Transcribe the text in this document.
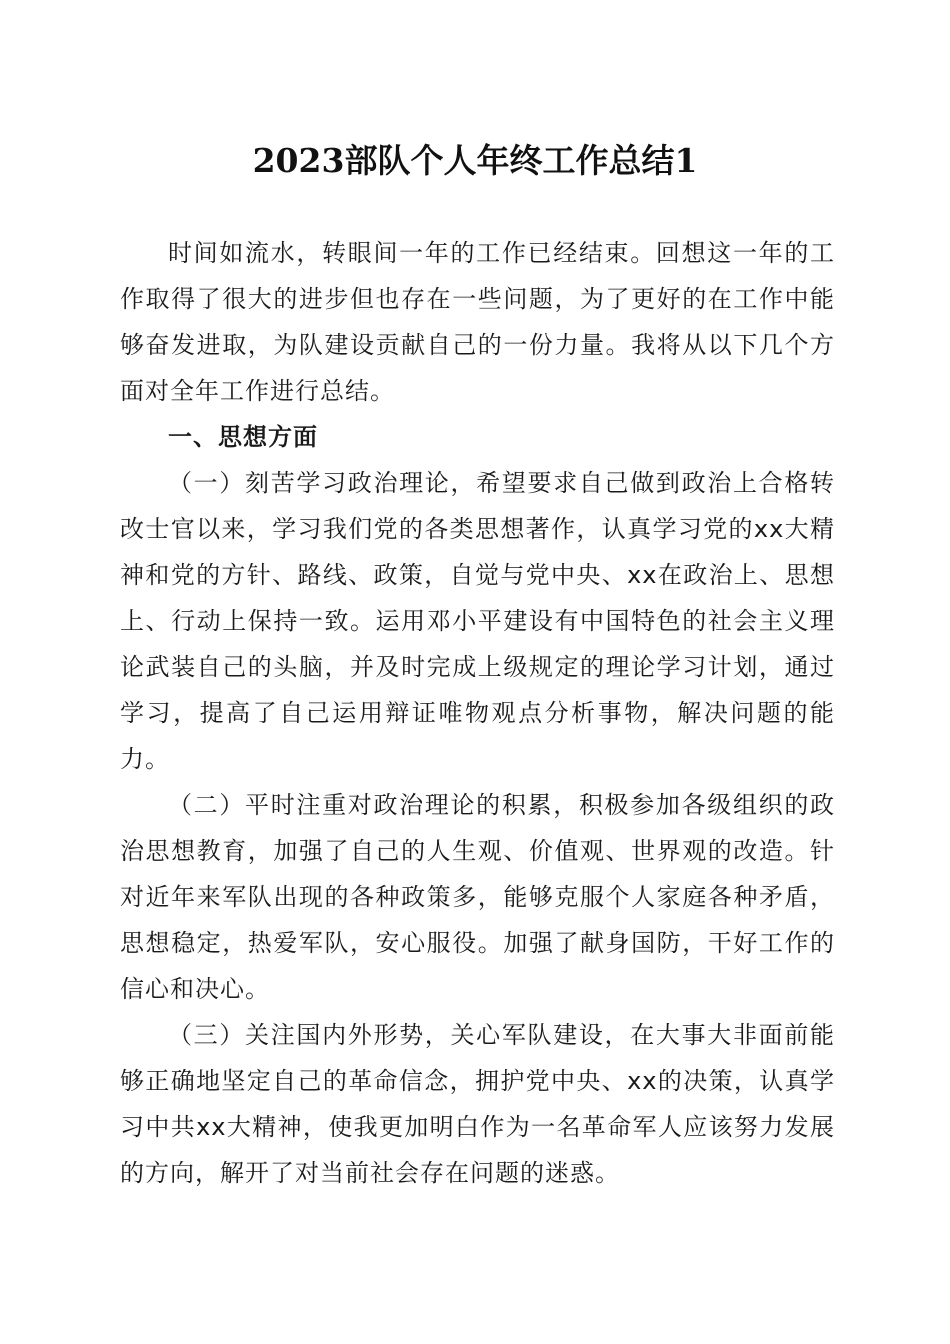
2023部队个人年终工作总结1

时间如流水，转眼间一年的工作已经结束。回想这一年的工作取得了很大的进步但也存在一些问题，为了更好的在工作中能够奋发进取，为队建设贡献自己的一份力量。我将从以下几个方面对全年工作进行总结。

一、思想方面

（一）刻苦学习政治理论，希望要求自己做到政治上合格转改士官以来，学习我们党的各类思想著作，认真学习党的xx大精神和党的方针、路线、政策，自觉与党中央、xx在政治上、思想上、行动上保持一致。运用邓小平建设有中国特色的社会主义理论武装自己的头脑，并及时完成上级规定的理论学习计划，通过学习，提高了自己运用辩证唯物观点分析事物，解决问题的能力。

（二）平时注重对政治理论的积累，积极参加各级组织的政治思想教育，加强了自己的人生观、价值观、世界观的改造。针对近年来军队出现的各种政策多，能够克服个人家庭各种矛盾，思想稳定，热爱军队，安心服役。加强了献身国防，干好工作的信心和决心。

（三）关注国内外形势，关心军队建设，在大事大非面前能够正确地坚定自己的革命信念，拥护党中央、xx的决策，认真学习中共xx大精神，使我更加明白作为一名革命军人应该努力发展的方向，解开了对当前社会存在问题的迷惑。
